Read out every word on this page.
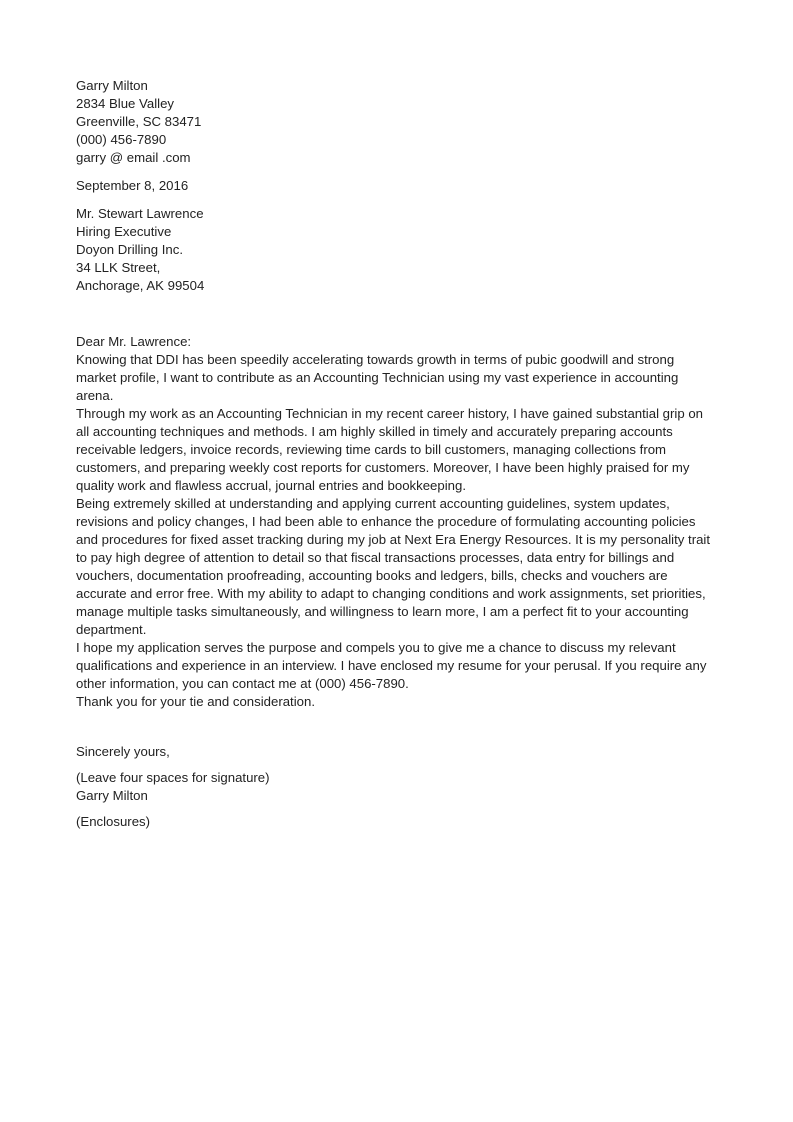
Garry Milton
2834 Blue Valley
Greenville, SC 83471
(000) 456-7890
garry @ email .com
September 8, 2016
Mr. Stewart Lawrence
Hiring Executive
Doyon Drilling Inc.
34 LLK Street,
Anchorage, AK 99504
Dear Mr. Lawrence:

Knowing that DDI has been speedily accelerating towards growth in terms of pubic goodwill and strong market profile, I want to contribute as an Accounting Technician using my vast experience in accounting arena.

Through my work as an Accounting Technician in my recent career history, I have gained substantial grip on all accounting techniques and methods. I am highly skilled in timely and accurately preparing accounts receivable ledgers, invoice records, reviewing time cards to bill customers, managing collections from customers, and preparing weekly cost reports for customers. Moreover, I have been highly praised for my quality work and flawless accrual, journal entries and bookkeeping.

Being extremely skilled at understanding and applying current accounting guidelines, system updates, revisions and policy changes, I had been able to enhance the procedure of formulating accounting policies and procedures for fixed asset tracking during my job at Next Era Energy Resources. It is my personality trait to pay high degree of attention to detail so that fiscal transactions processes, data entry for billings and vouchers, documentation proofreading, accounting books and ledgers, bills, checks and vouchers are accurate and error free. With my ability to adapt to changing conditions and work assignments, set priorities, manage multiple tasks simultaneously, and willingness to learn more, I am a perfect fit to your accounting department.

I hope my application serves the purpose and compels you to give me a chance to discuss my relevant qualifications and experience in an interview. I have enclosed my resume for your perusal. If you require any other information, you can contact me at (000) 456-7890.

Thank you for your tie and consideration.

Sincerely yours,
(Leave four spaces for signature)
Garry Milton
(Enclosures)
